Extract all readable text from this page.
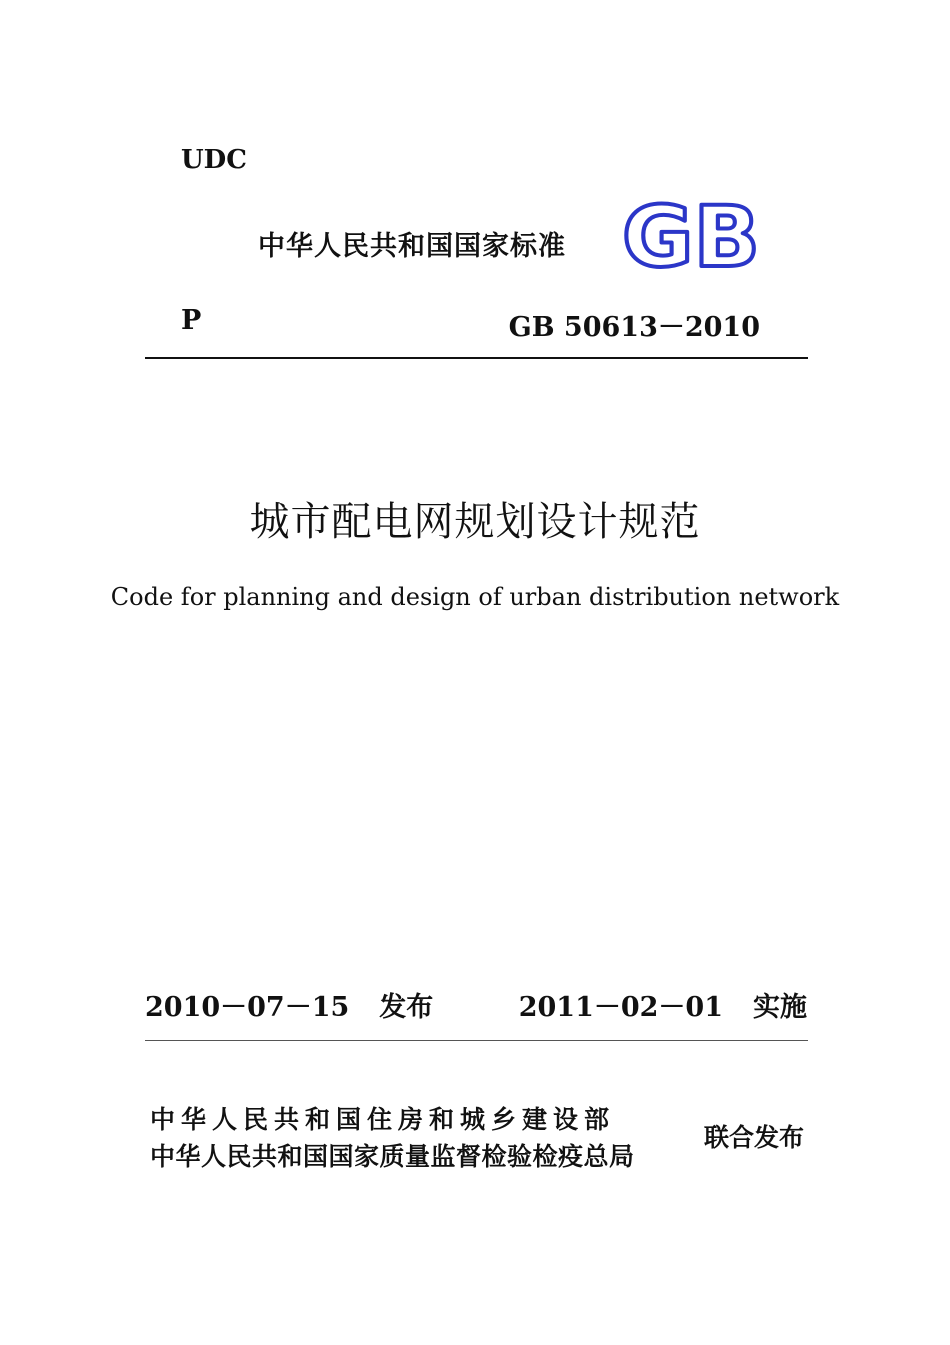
UDC
中华人民共和国国家标准 GB
P	GB 50613－2010
城市配电网规划设计规范
Code for planning and design of urban distribution network
2010－07－15 发布	2011－02－01 实施
中华人民共和国住房和城乡建设部
中华人民共和国国家质量监督检验检疫总局
联合发布
